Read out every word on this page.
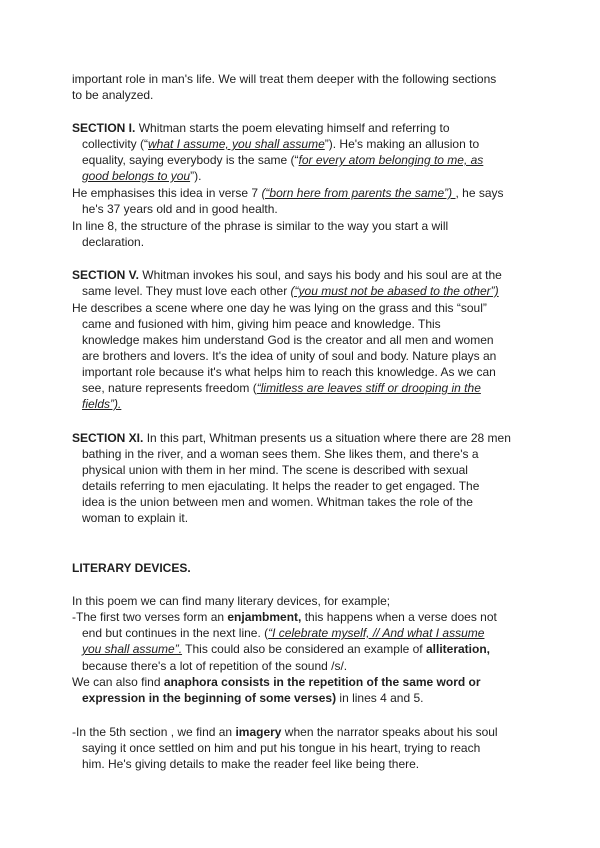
important role in man's life. We will treat them deeper with the following sections
to be analyzed.
SECTION I. Whitman starts the poem elevating himself and referring to
collectivity (“what I assume, you shall assume”). He's making an allusion to
equality, saying everybody is the same (“for every atom belonging to me, as
good belongs to you”).
He emphasises this idea in verse 7 (“born here from parents the same”) , he says
he's 37 years old and in good health.
In line 8, the structure of the phrase is similar to the way you start a will
declaration.
SECTION V. Whitman invokes his soul, and says his body and his soul are at the
same level. They must love each other (“you must not be abased to the other”)
He describes a scene where one day he was lying on the grass and this “soul”
came and fusioned with him, giving him peace and knowledge. This
knowledge makes him understand God is the creator and all men and women
are brothers and lovers. It's the idea of unity of soul and body. Nature plays an
important role because it's what helps him to reach this knowledge. As we can
see, nature represents freedom (“limitless are leaves stiff or drooping in the
fields”).
SECTION XI. In this part, Whitman presents us a situation where there are 28 men
bathing in the river, and a woman sees them. She likes them, and there's a
physical union with them in her mind. The scene is described with sexual
details referring to men ejaculating. It helps the reader to get engaged. The
idea is the union between men and women. Whitman takes the role of the
woman to explain it.
LITERARY DEVICES.
In this poem we can find many literary devices, for example;
-The first two verses form an enjambment, this happens when a verse does not
end but continues in the next line. (“I celebrate myself, // And what I assume
you shall assume”. This could also be considered an example of alliteration,
because there's a lot of repetition of the sound /s/.
We can also find anaphora consists in the repetition of the same word or
expression in the beginning of some verses) in lines 4 and 5.
-In the 5th section , we find an imagery when the narrator speaks about his soul
saying it once settled on him and put his tongue in his heart, trying to reach
him. He's giving details to make the reader feel like being there.
